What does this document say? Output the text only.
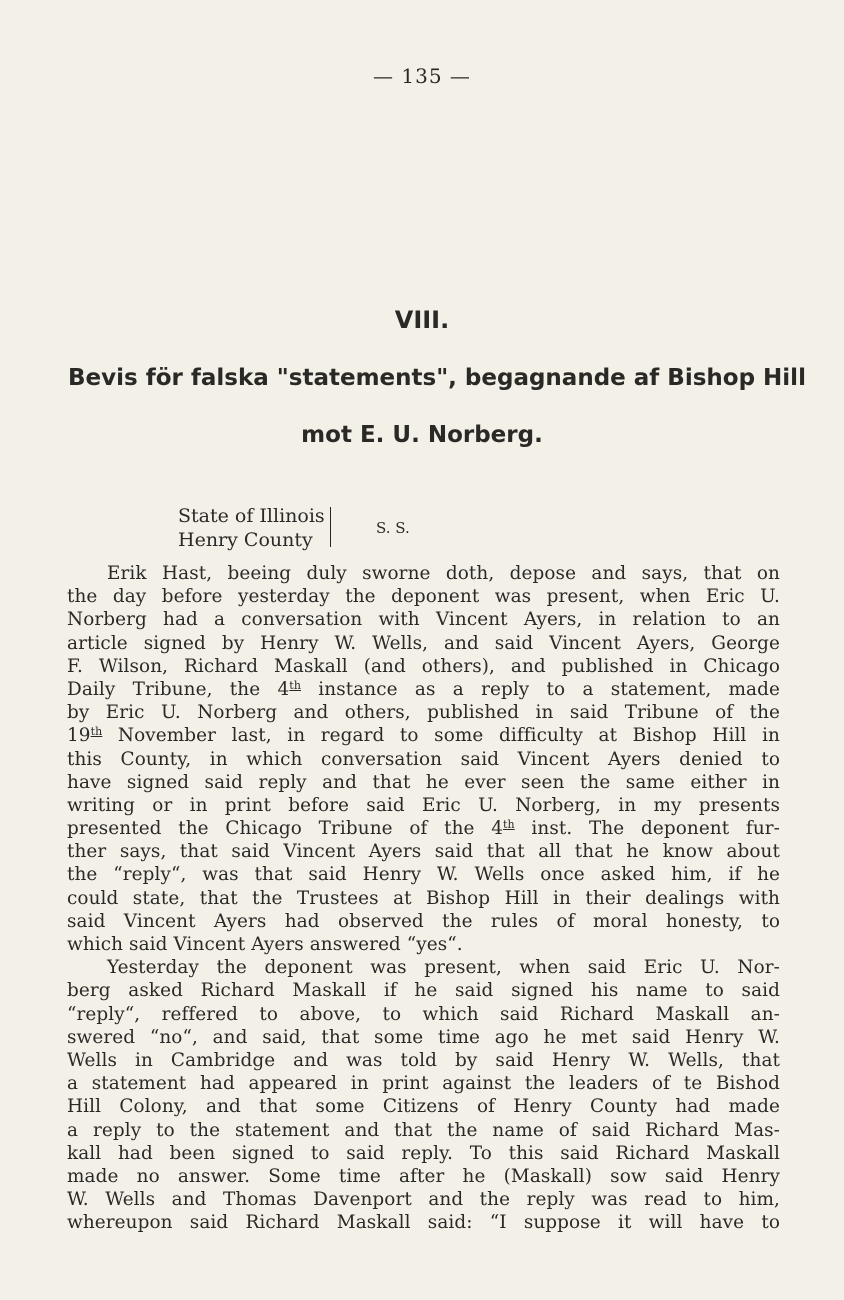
— 135 —
VIII.
Bevis för falska "statements", begagnande af Bishop Hill
mot E. U. Norberg.
State of Illinois
Henry County
S. S.
Erik Hast, beeing duly sworne doth, depose and says, that on
the day before yesterday the deponent was present, when Eric U.
Norberg had a conversation with Vincent Ayers, in relation to an
article signed by Henry W. Wells, and said Vincent Ayers, George
F. Wilson, Richard Maskall (and others), and published in Chicago
Daily Tribune, the 4th instance as a reply to a statement, made
by Eric U. Norberg and others, published in said Tribune of the
19th November last, in regard to some difficulty at Bishop Hill in
this County, in which conversation said Vincent Ayers denied to
have signed said reply and that he ever seen the same either in
writing or in print before said Eric U. Norberg, in my presents
presented the Chicago Tribune of the 4th inst. The deponent fur-
ther says, that said Vincent Ayers said that all that he know about
the “reply“, was that said Henry W. Wells once asked him, if he
could state, that the Trustees at Bishop Hill in their dealings with
said Vincent Ayers had observed the rules of moral honesty, to
which said Vincent Ayers answered “yes“.
Yesterday the deponent was present, when said Eric U. Nor-
berg asked Richard Maskall if he said signed his name to said
“reply“, reffered to above, to which said Richard Maskall an-
swered “no“, and said, that some time ago he met said Henry W.
Wells in Cambridge and was told by said Henry W. Wells, that
a statement had appeared in print against the leaders of te Bishod
Hill Colony, and that some Citizens of Henry County had made
a reply to the statement and that the name of said Richard Mas-
kall had been signed to said reply. To this said Richard Maskall
made no answer. Some time after he (Maskall) sow said Henry
W. Wells and Thomas Davenport and the reply was read to him,
whereupon said Richard Maskall said: “I suppose it will have to
